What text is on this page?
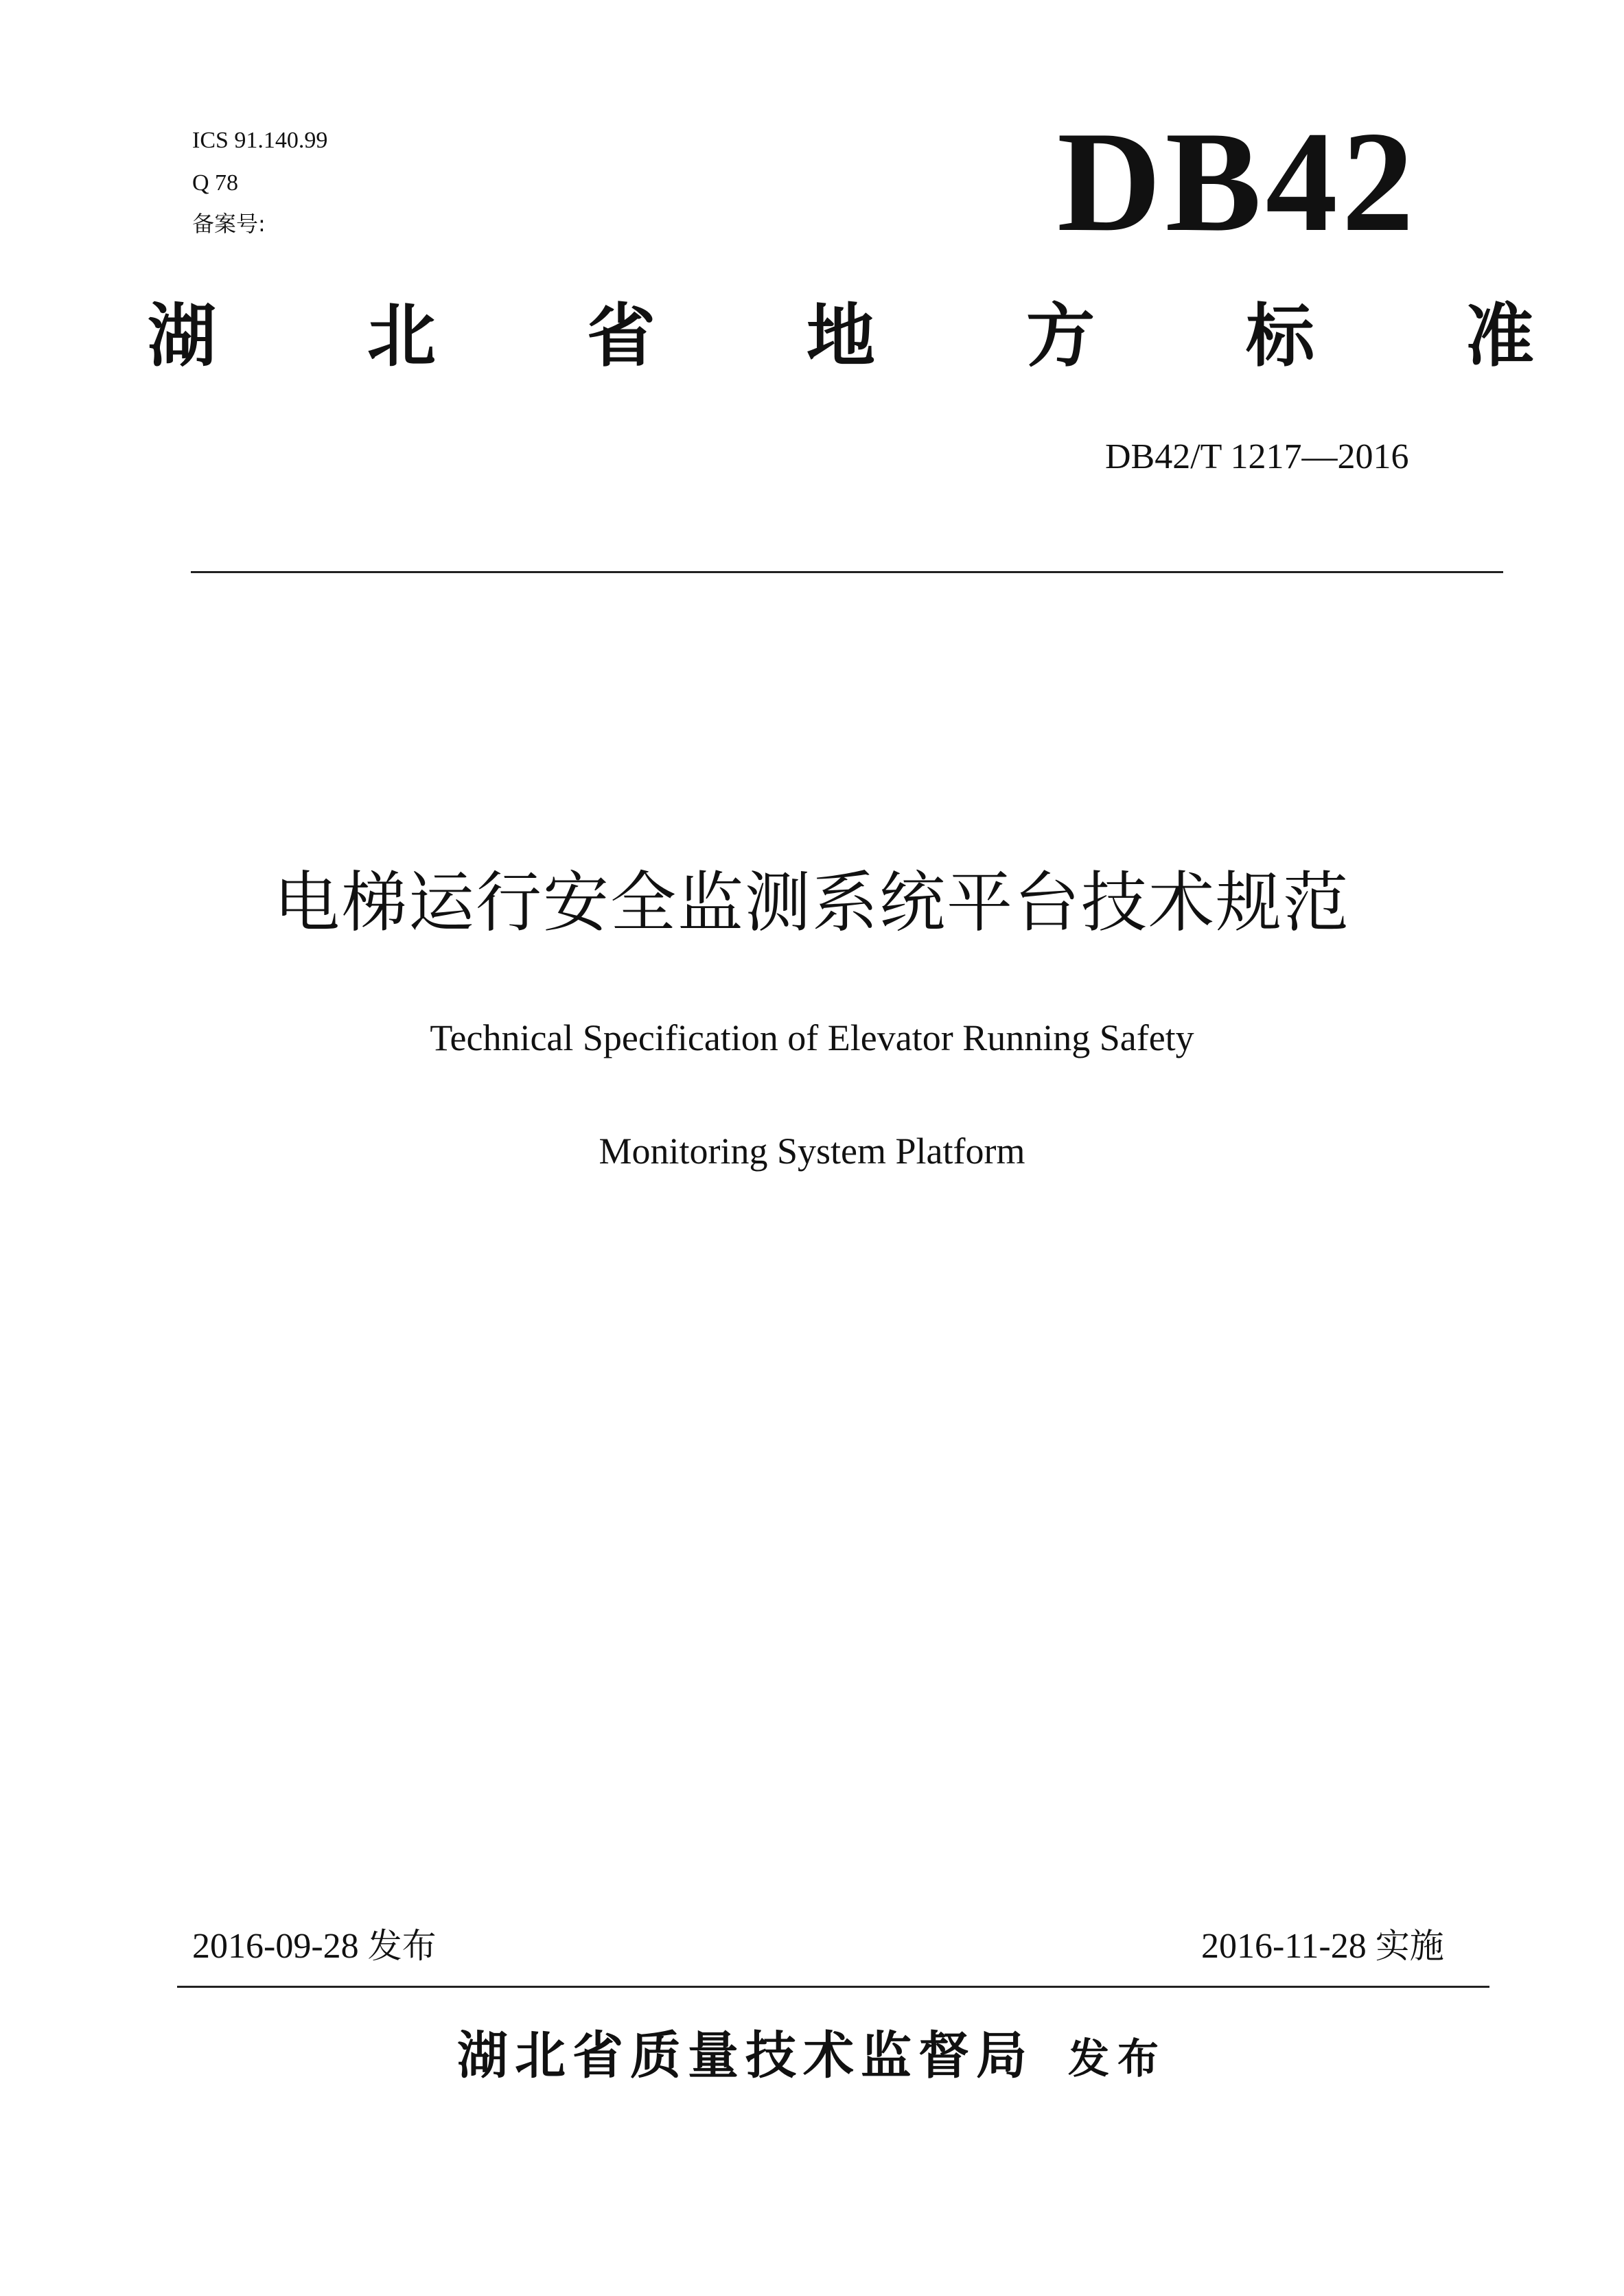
ICS 91.140.99
Q 78
备案号:	DB42
湖 北 省 地 方 标 准
DB42/T 1217—2016
电梯运行安全监测系统平台技术规范
Technical Specification of Elevator Running Safety
Monitoring System Platform
2016-09-28 发布	2016-11-28 实施
湖北省质量技术监督局 发布
